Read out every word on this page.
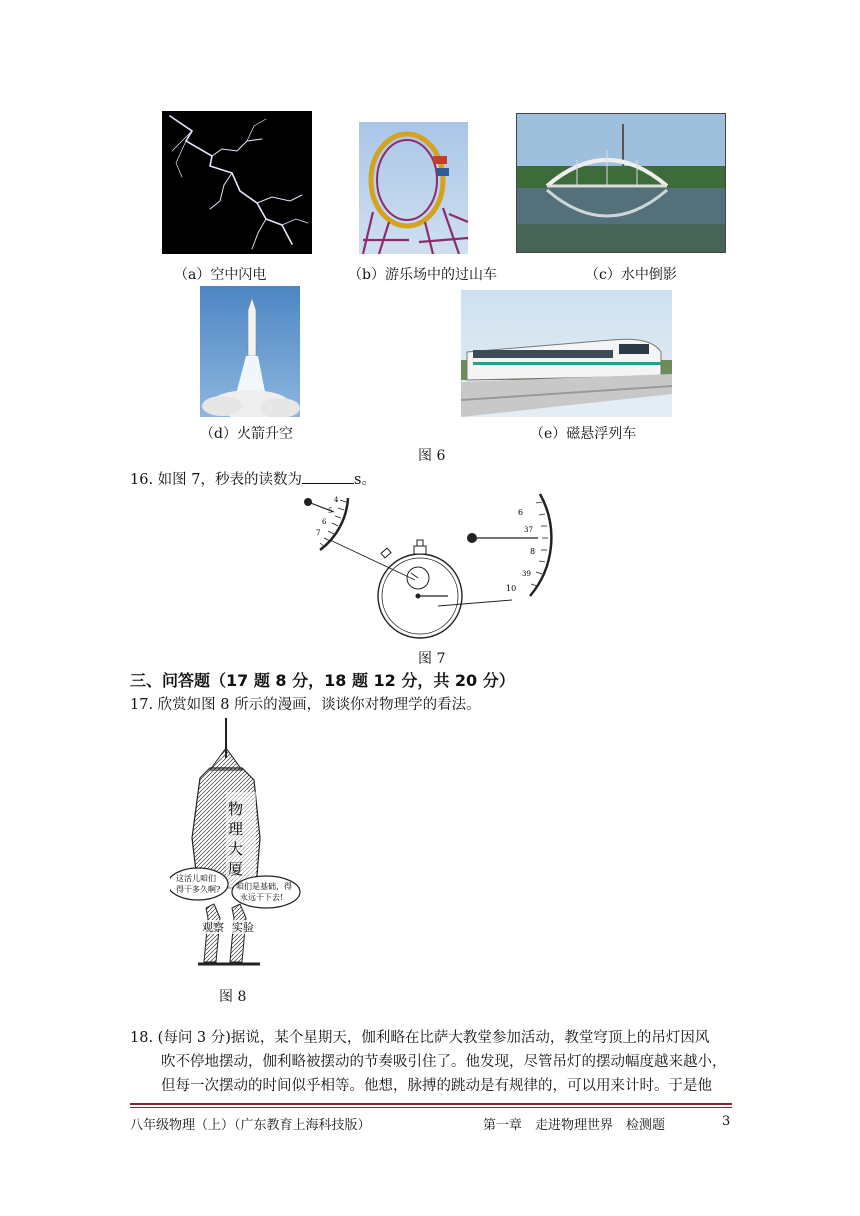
（a）空中闪电	（b）游乐场中的过山车	（c）水中倒影
（d）火箭升空	（e）磁悬浮列车
图 6
16. 如图 7，秒表的读数为	s。
4
5
6
7
6
37
8
39
10
图 7
三、问答题（17 题 8 分，18 题 12 分，共 20 分）
17. 欣赏如图 8 所示的漫画，谈谈你对物理学的看法。
物
理
大
厦
这活儿咱们
得干多久啊? 咱们是基础，得
永远干下去!
观察 实验
图 8
18. (每问 3 分)据说，某个星期天，伽利略在比萨大教堂参加活动，教堂穹顶上的吊灯因风
吹不停地摆动，伽利略被摆动的节奏吸引住了。他发现，尽管吊灯的摆动幅度越来越小，
但每一次摆动的时间似乎相等。他想，脉搏的跳动是有规律的，可以用来计时。于是他
八年级物理（上）（广东教育上海科技版）	第一章　走进物理世界　检测题	3
